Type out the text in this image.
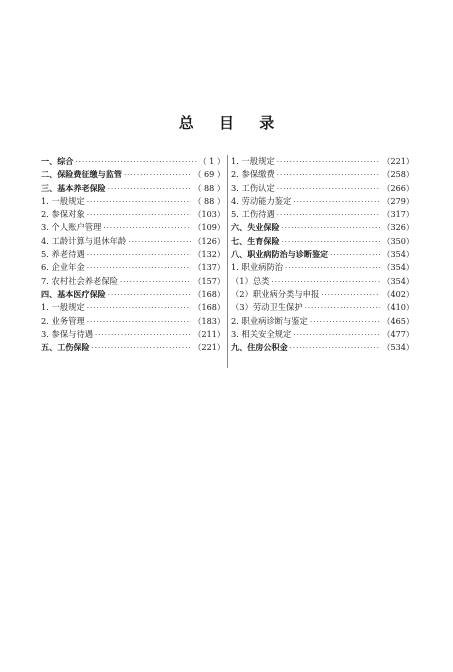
总 目 录
一、综合 ·····	（ 1 ）
二、保险费征缴与监管 ·····	（ 69 ）
三、基本养老保险 ·····	（ 88 ）
1. 一般规定 ·····	（ 88 ）
2. 参保对象 ·····	（103）
3. 个人账户管理 ·····	（109）
4. 工龄计算与退休年龄 ·····	（126）
5. 养老待遇 ·····	（132）
6. 企业年金 ·····	（137）
7. 农村社会养老保险 ·····	（157）
四、基本医疗保险 ·····	（168）
1. 一般规定 ·····	（168）
2. 业务管理 ·····	（183）
3. 参保与待遇 ·····	（211）
五、工伤保险 ·····	（221）
1. 一般规定 ·····	（221）
2. 参保缴费 ·····	（258）
3. 工伤认定 ·····	（266）
4. 劳动能力鉴定 ·····	（279）
5. 工伤待遇 ·····	（317）
六、失业保险 ·····	（326）
七、生育保险 ·····	（350）
八、职业病防治与诊断鉴定 ·····	（354）
1. 职业病防治 ·····	（354）
（1）总类 ·····	（354）
（2）职业病分类与申报 ·····	（402）
（3）劳动卫生保护 ·····	（410）
2. 职业病诊断与鉴定 ·····	（465）
3. 相关安全规定 ·····	（477）
九、住房公积金 ·····	（534）
